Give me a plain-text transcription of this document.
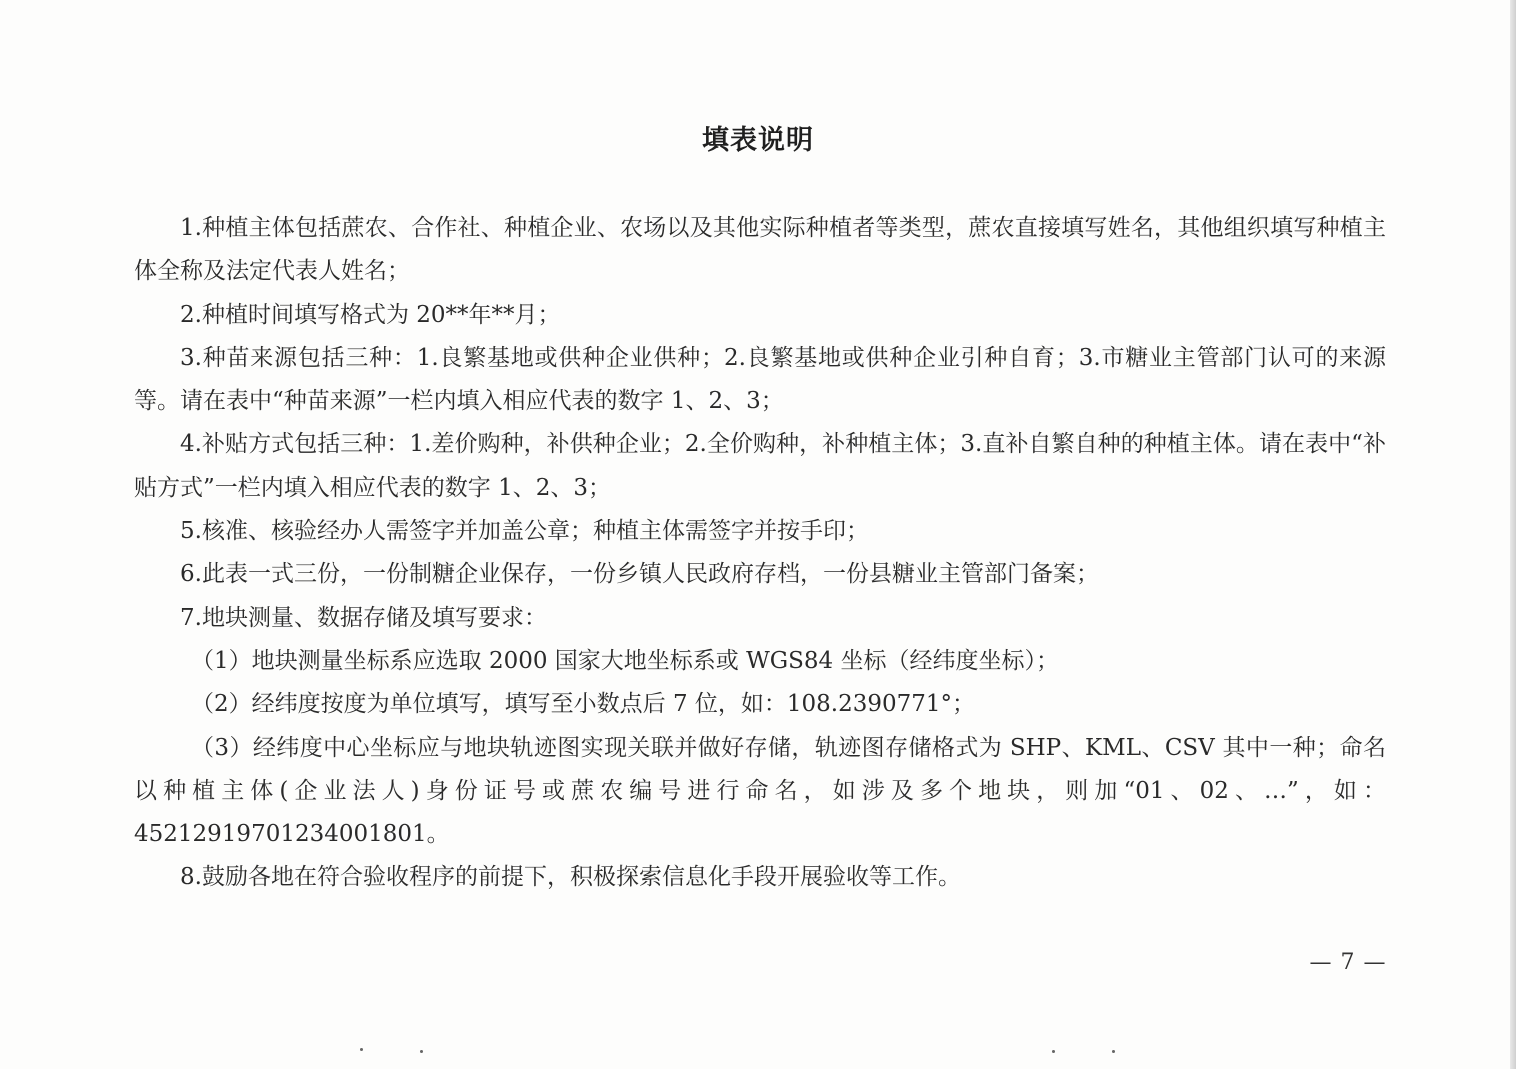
填表说明

1.种植主体包括蔗农、合作社、种植企业、农场以及其他实际种植者等类型，蔗农直接填写姓名，其他组织填写种植主体全称及法定代表人姓名；

2.种植时间填写格式为 20**年**月；

3.种苗来源包括三种：1.良繁基地或供种企业供种；2.良繁基地或供种企业引种自育；3.市糖业主管部门认可的来源等。请在表中“种苗来源”一栏内填入相应代表的数字 1、2、3；

4.补贴方式包括三种：1.差价购种，补供种企业；2.全价购种，补种植主体；3.直补自繁自种的种植主体。请在表中“补贴方式”一栏内填入相应代表的数字 1、2、3；

5.核准、核验经办人需签字并加盖公章；种植主体需签字并按手印；

6.此表一式三份，一份制糖企业保存，一份乡镇人民政府存档，一份县糖业主管部门备案；

7.地块测量、数据存储及填写要求：

（1）地块测量坐标系应选取 2000 国家大地坐标系或 WGS84 坐标（经纬度坐标）；

（2）经纬度按度为单位填写，填写至小数点后 7 位，如：108.2390771°；

（3）经纬度中心坐标应与地块轨迹图实现关联并做好存储，轨迹图存储格式为 SHP、KML、CSV 其中一种；命名以种植主体(企业法人)身份证号或蔗农编号进行命名，如涉及多个地块，则加“01、02、…”，如：45212919701234001801。

8.鼓励各地在符合验收程序的前提下，积极探索信息化手段开展验收等工作。

— 7 —
